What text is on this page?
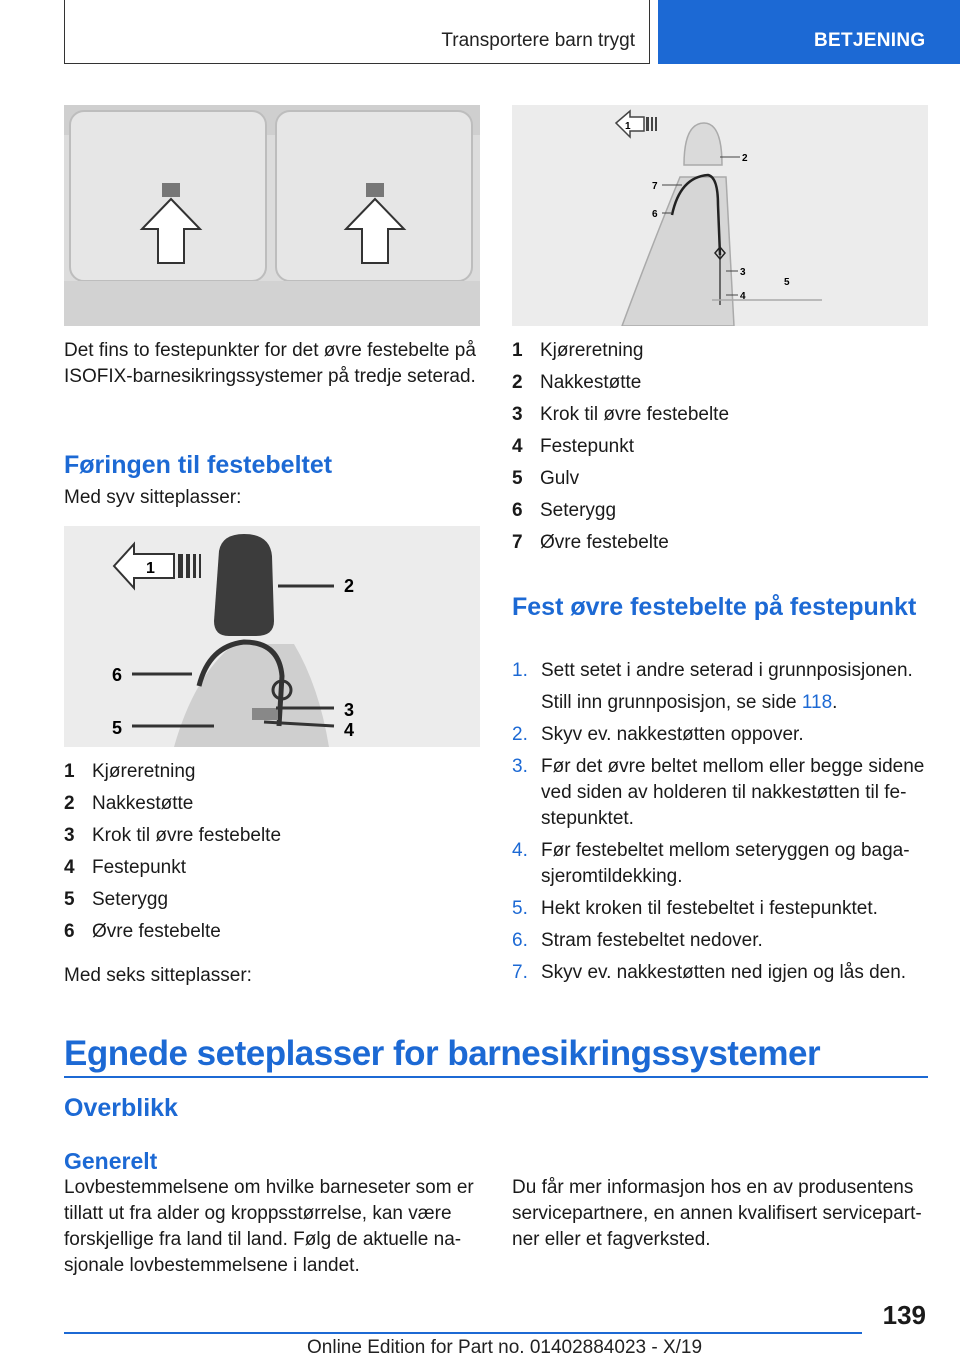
Transportere barn trygt	BETJENING
Det fins to festepunkter for det øvre festebelte på ISOFIX-barnesikringssystemer på tredje seterad.
Føringen til festebeltet
Med syv sitteplasser:
1
2
6
3
5	4
1 Kjøreretning
2 Nakkestøtte
3 Krok til øvre festebelte
4 Festepunkt
5 Seterygg
6 Øvre festebelte
Med seks sitteplasser:
1
2
7
6
3
4
5
1 Kjøreretning
2 Nakkestøtte
3 Krok til øvre festebelte
4 Festepunkt
5 Gulv
6 Seterygg
7 Øvre festebelte
Fest øvre festebelte på festepunkt
1. Sett setet i andre seterad i grunnposisjonen.

Still inn grunnposisjon, se side 118.
2. Skyv ev. nakkestøtten oppover.
3. Før det øvre beltet mellom eller begge sidene ved siden av holderen til nakkestøtten til festepunktet.
4. Før festebeltet mellom seteryggen og bagasjeromtildekking.
5. Hekt kroken til festebeltet i festepunktet.
6. Stram festebeltet nedover.
7. Skyv ev. nakkestøtten ned igjen og lås den.
Egnede seteplasser for barnesikringssystemer
Overblikk
Generelt
Lovbestemmelsene om hvilke barneseter som er tillatt ut fra alder og kroppsstørrelse, kan være forskjellige fra land til land. Følg de aktuelle nasjonale lovbestemmelsene i landet.
Du får mer informasjon hos en av produsentens servicepartnere, en annen kvalifisert servicepartner eller et fagverksted.
139
Online Edition for Part no. 01402884023 - X/19
